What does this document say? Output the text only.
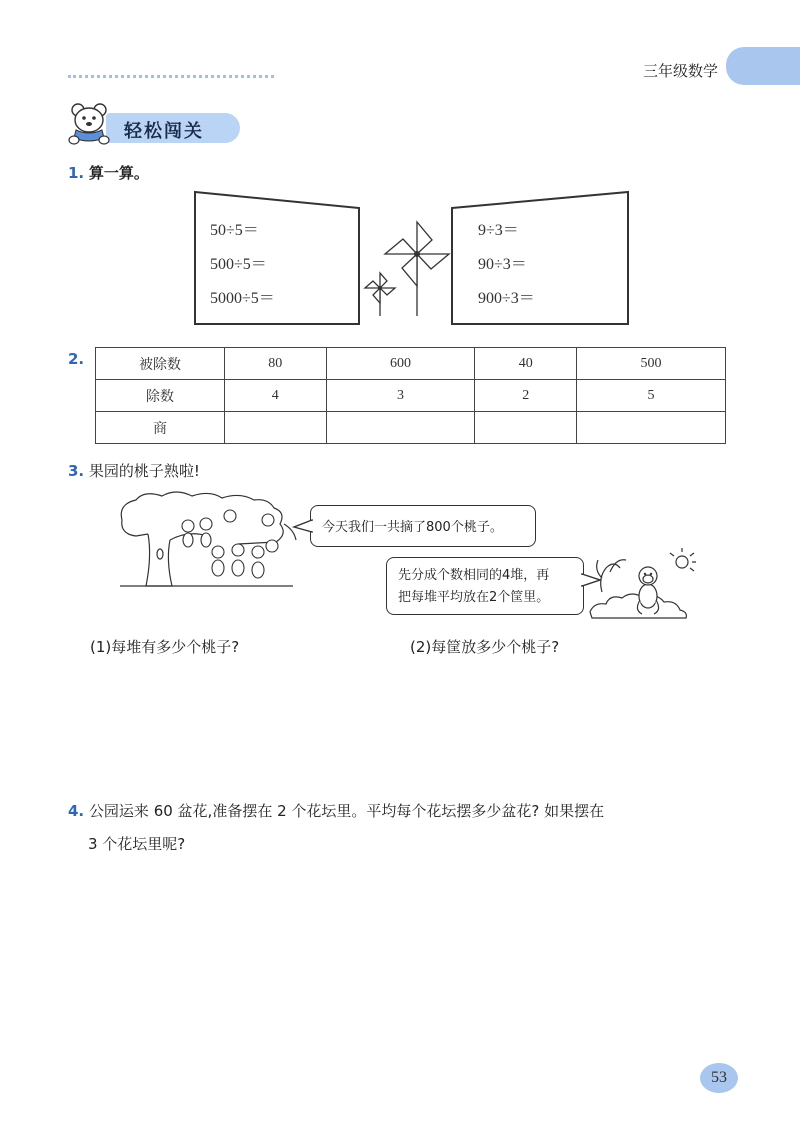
三年级数学
轻松闯关
1. 算一算。
50÷5＝
500÷5＝
5000÷5＝
9÷3＝
90÷3＝
900÷3＝
2.	被除数	80	600	40	500
除数	4	3	2	5
商				
3. 果园的桃子熟啦!
今天我们一共摘了800个桃子。
先分成个数相同的4堆，再
把每堆平均放在2个筐里。
(1)每堆有多少个桃子?	(2)每筐放多少个桃子?
4. 公园运来 60 盆花,准备摆在 2 个花坛里。平均每个花坛摆多少盆花? 如果摆在
3 个花坛里呢?
53
